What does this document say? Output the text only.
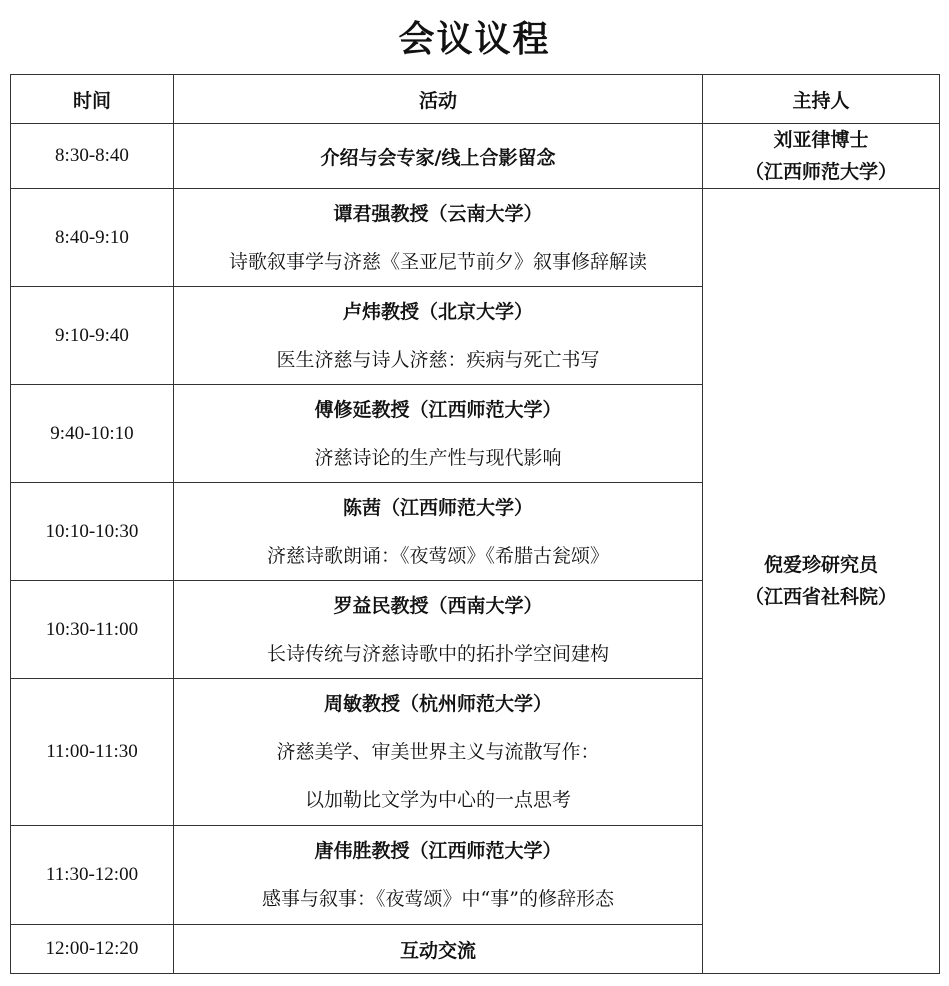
会议议程
时间	活动	主持人
8:30-8:40	介绍与会专家/线上合影留念	刘亚律博士
（江西师范大学）

8:40-9:10	谭君强教授（云南大学）
诗歌叙事学与济慈《圣亚尼节前夕》叙事修辞解读	倪爱珍研究员
（江西省社科院）

9:10-9:40	卢炜教授（北京大学）
医生济慈与诗人济慈：疾病与死亡书写	

9:40-10:10	傅修延教授（江西师范大学）
济慈诗论的生产性与现代影响	

10:10-10:30	陈茜（江西师范大学）
济慈诗歌朗诵：《夜莺颂》《希腊古瓮颂》	

10:30-11:00	罗益民教授（西南大学）
长诗传统与济慈诗歌中的拓扑学空间建构	

11:00-11:30	周敏教授（杭州师范大学）
济慈美学、审美世界主义与流散写作：
以加勒比文学为中心的一点思考	

11:30-12:00	唐伟胜教授（江西师范大学）
感事与叙事：《夜莺颂》中“事”的修辞形态	

12:00-12:20	互动交流	
